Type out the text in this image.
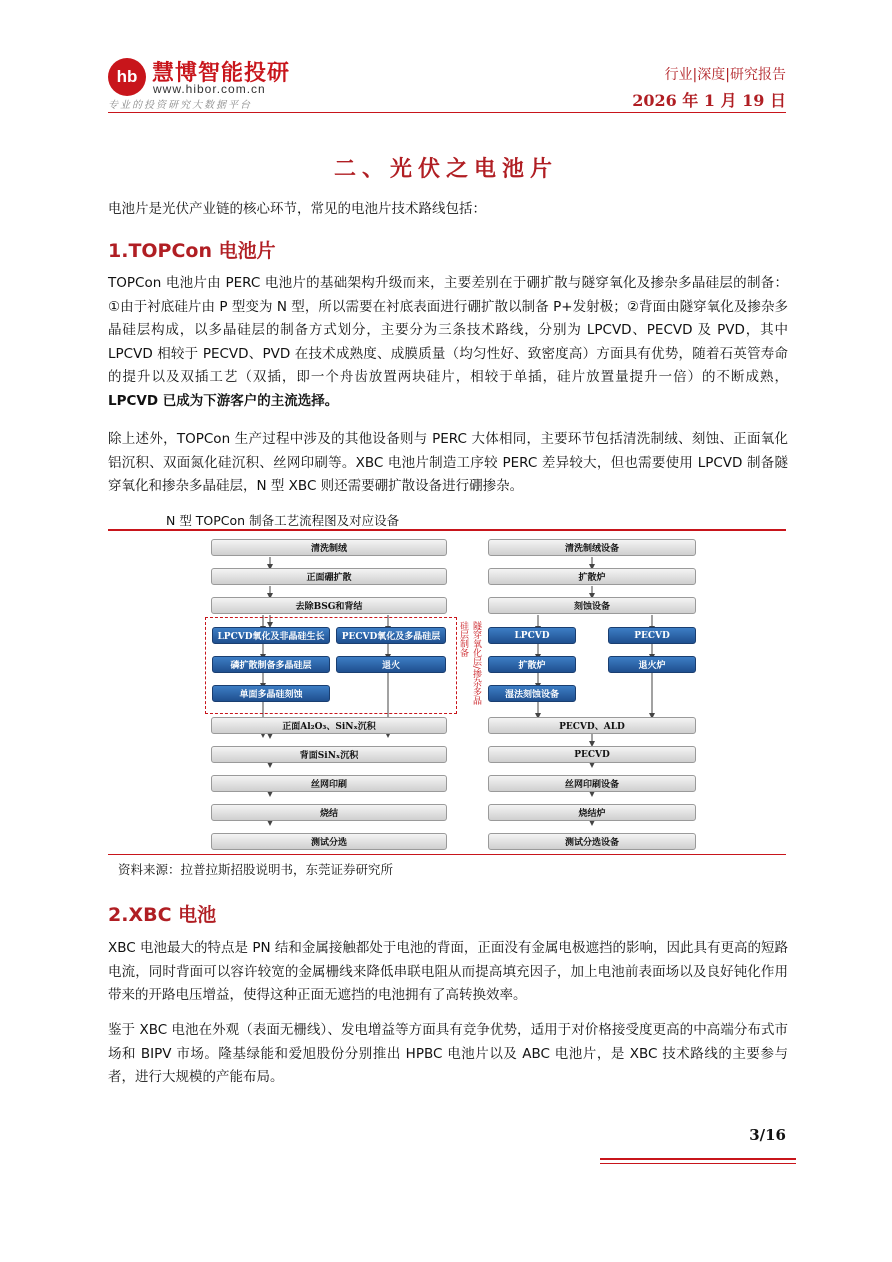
hb 慧博智能投研
www.hibor.com.cn
专业的投资研究大数据平台
行业|深度|研究报告
2026 年 1 月 19 日
二、光伏之电池片
电池片是光伏产业链的核心环节，常见的电池片技术路线包括：
1.TOPCon 电池片
TOPCon 电池片由 PERC 电池片的基础架构升级而来，主要差别在于硼扩散与隧穿氧化及掺杂多晶硅层的制备：①由于衬底硅片由 P 型变为 N 型，所以需要在衬底表面进行硼扩散以制备 P+发射极；②背面由隧穿氧化及掺杂多晶硅层构成，以多晶硅层的制备方式划分，主要分为三条技术路线，分别为 LPCVD、PECVD 及 PVD，其中 LPCVD 相较于 PECVD、PVD 在技术成熟度、成膜质量（均匀性好、致密度高）方面具有优势，随着石英管寿命的提升以及双插工艺（双插，即一个舟齿放置两块硅片，相较于单插，硅片放置量提升一倍）的不断成熟，LPCVD 已成为下游客户的主流选择。
除上述外，TOPCon 生产过程中涉及的其他设备则与 PERC 大体相同，主要环节包括清洗制绒、刻蚀、正面氧化铝沉积、双面氮化硅沉积、丝网印刷等。XBC 电池片制造工序较 PERC 差异较大，但也需要使用 LPCVD 制备隧穿氧化和掺杂多晶硅层，N 型 XBC 则还需要硼扩散设备进行硼掺杂。
N 型 TOPCon 制备工艺流程图及对应设备
清洗制绒
正面硼扩散
去除BSG和背结
隧穿氧化层/掺杂多晶硅层制备
LPCVD氧化及非晶硅生长
磷扩散制备多晶硅层
单面多晶硅刻蚀
PECVD氧化及多晶硅层
退火
正面Al₂O₃、SiNₓ沉积
背面SiNₓ沉积
丝网印刷
烧结
测试分选
清洗制绒设备
扩散炉
刻蚀设备
LPCVD
扩散炉
湿法刻蚀设备
PECVD
退火炉
PECVD、ALD
PECVD
丝网印刷设备
烧结炉
测试分选设备
资料来源：拉普拉斯招股说明书，东莞证券研究所
2.XBC 电池
XBC 电池最大的特点是 PN 结和金属接触都处于电池的背面，正面没有金属电极遮挡的影响，因此具有更高的短路电流，同时背面可以容许较宽的金属栅线来降低串联电阻从而提高填充因子，加上电池前表面场以及良好钝化作用带来的开路电压增益，使得这种正面无遮挡的电池拥有了高转换效率。
鉴于 XBC 电池在外观（表面无栅线）、发电增益等方面具有竞争优势，适用于对价格接受度更高的中高端分布式市场和 BIPV 市场。隆基绿能和爱旭股份分别推出 HPBC 电池片以及 ABC 电池片，是 XBC 技术路线的主要参与者，进行大规模的产能布局。
3/16
